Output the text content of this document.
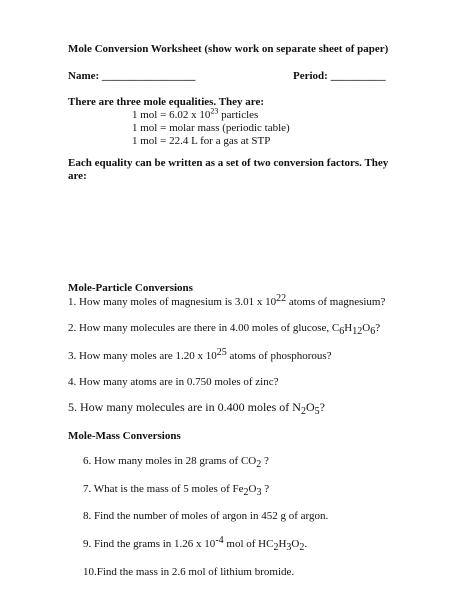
Mole Conversion Worksheet (show work on separate sheet of paper)
Name: _________________	Period: __________
There are three mole equalities. They are:
1 mol = 6.02 x $10^{23}$ particles
1 mol = molar mass (periodic table)
1 mol = 22.4 L for a gas at STP
Each equality can be written as a set of two conversion factors. They
are:
Mole-Particle Conversions
1. How many moles of magnesium is 3.01 x 1022 atoms of magnesium?
2. How many molecules are there in 4.00 moles of glucose, C6H12O6?
3. How many moles are 1.20 x 1025 atoms of phosphorous?
4. How many atoms are in 0.750 moles of zinc?
5. How many molecules are in 0.400 moles of $N_2O_5$?
Mole-Mass Conversions
6. How many moles in 28 grams of CO2 ?
7. What is the mass of 5 moles of Fe2O3 ?
8. Find the number of moles of argon in 452 g of argon.
9. Find the grams in 1.26 x 10-4 mol of HC2H3O2.
10.Find the mass in 2.6 mol of lithium bromide.
